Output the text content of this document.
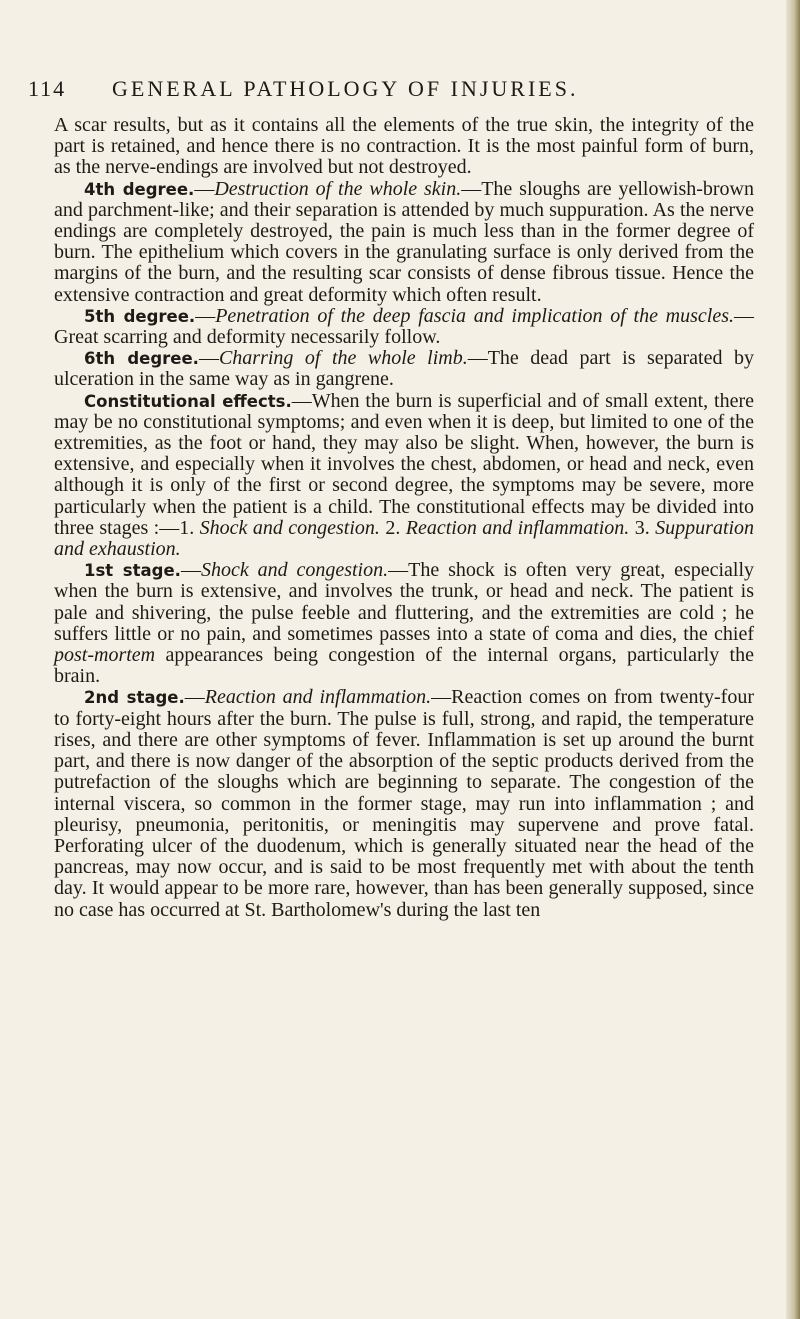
114 GENERAL PATHOLOGY OF INJURIES.

A scar results, but as it contains all the elements of the true skin, the integrity of the part is retained, and hence there is no contraction. It is the most painful form of burn, as the nerve-endings are involved but not destroyed.

4th degree.—Destruction of the whole skin.—The sloughs are yellowish-brown and parchment-like; and their separation is attended by much suppuration. As the nerve endings are completely destroyed, the pain is much less than in the former degree of burn. The epithelium which covers in the granulating surface is only derived from the margins of the burn, and the resulting scar consists of dense fibrous tissue. Hence the extensive contraction and great deformity which often result.

5th degree.—Penetration of the deep fascia and implication of the muscles.—Great scarring and deformity necessarily follow.

6th degree.—Charring of the whole limb.—The dead part is separated by ulceration in the same way as in gangrene.

Constitutional effects.—When the burn is superficial and of small extent, there may be no constitutional symptoms; and even when it is deep, but limited to one of the extremities, as the foot or hand, they may also be slight. When, however, the burn is extensive, and especially when it involves the chest, abdomen, or head and neck, even although it is only of the first or second degree, the symptoms may be severe, more particularly when the patient is a child. The constitutional effects may be divided into three stages :—1. Shock and congestion. 2. Reaction and inflammation. 3. Suppuration and exhaustion.

1st stage.—Shock and congestion.—The shock is often very great, especially when the burn is extensive, and involves the trunk, or head and neck. The patient is pale and shivering, the pulse feeble and fluttering, and the extremities are cold ; he suffers little or no pain, and sometimes passes into a state of coma and dies, the chief post-mortem appearances being congestion of the internal organs, particularly the brain.

2nd stage.—Reaction and inflammation.—Reaction comes on from twenty-four to forty-eight hours after the burn. The pulse is full, strong, and rapid, the temperature rises, and there are other symptoms of fever. Inflammation is set up around the burnt part, and there is now danger of the absorption of the septic products derived from the putrefaction of the sloughs which are beginning to separate. The congestion of the internal viscera, so common in the former stage, may run into inflammation ; and pleurisy, pneumonia, peritonitis, or meningitis may supervene and prove fatal. Perforating ulcer of the duodenum, which is generally situated near the head of the pancreas, may now occur, and is said to be most frequently met with about the tenth day. It would appear to be more rare, however, than has been generally supposed, since no case has occurred at St. Bartholomew's during the last ten
